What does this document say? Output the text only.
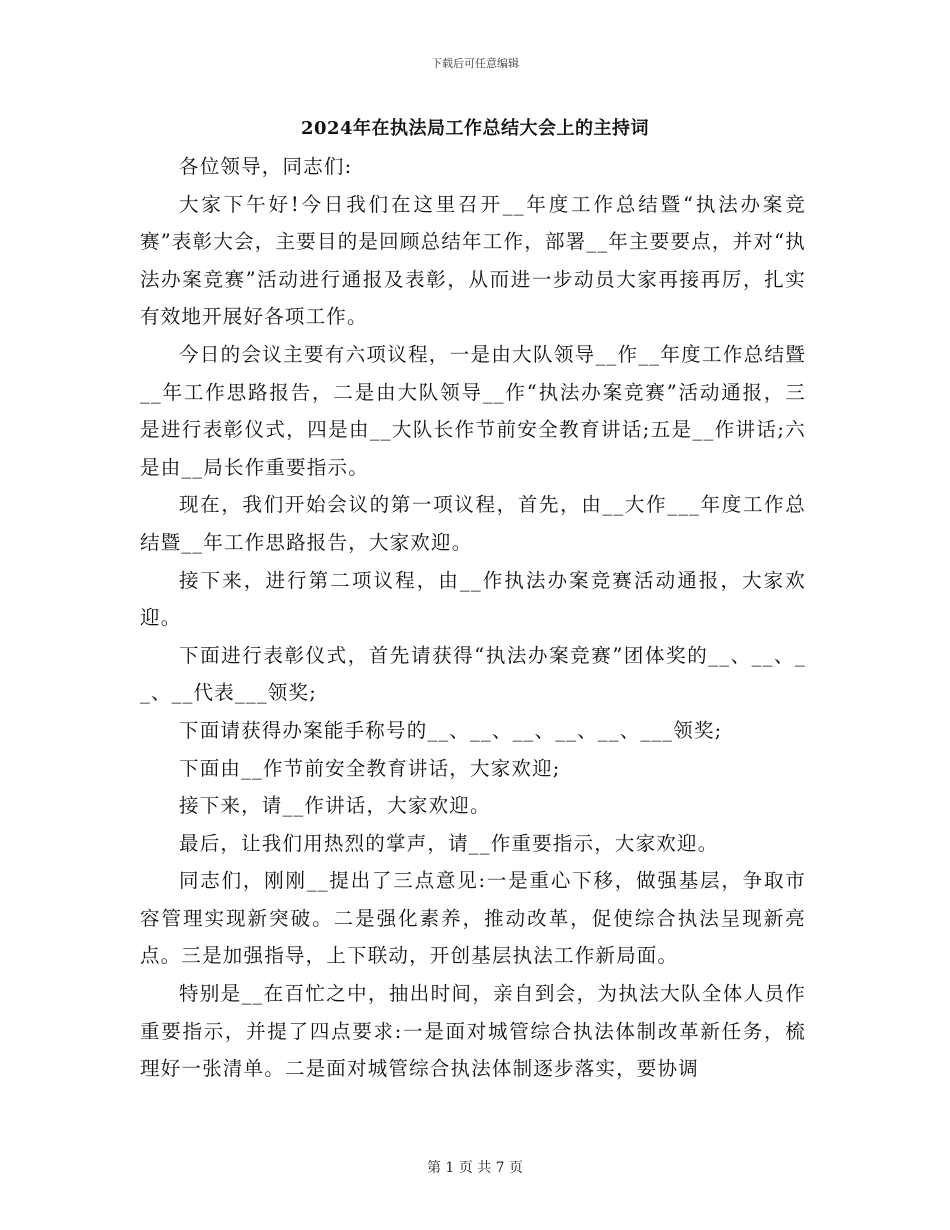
下载后可任意编辑
2024年在执法局工作总结大会上的主持词

各位领导，同志们:

大家下午好!今日我们在这里召开__年度工作总结暨“执法办案竞赛”表彰大会，主要目的是回顾总结年工作，部署__年主要要点，并对“执法办案竞赛”活动进行通报及表彰，从而进一步动员大家再接再厉，扎实有效地开展好各项工作。

今日的会议主要有六项议程，一是由大队领导__作__年度工作总结暨__年工作思路报告，二是由大队领导__作“执法办案竞赛”活动通报，三是进行表彰仪式，四是由__大队长作节前安全教育讲话;五是__作讲话;六是由__局长作重要指示。

现在，我们开始会议的第一项议程，首先，由__大作___年度工作总结暨__年工作思路报告，大家欢迎。

接下来，进行第二项议程，由__作执法办案竞赛活动通报，大家欢迎。

下面进行表彰仪式，首先请获得“执法办案竞赛”团体奖的__、__、__、__代表___领奖;

下面请获得办案能手称号的__、__、__、__、__、___领奖;

下面由__作节前安全教育讲话，大家欢迎;

接下来，请__作讲话，大家欢迎。

最后，让我们用热烈的掌声，请__作重要指示，大家欢迎。

同志们，刚刚__提出了三点意见:一是重心下移，做强基层，争取市容管理实现新突破。二是强化素养，推动改革，促使综合执法呈现新亮点。三是加强指导，上下联动，开创基层执法工作新局面。

特别是__在百忙之中，抽出时间，亲自到会，为执法大队全体人员作重要指示，并提了四点要求:一是面对城管综合执法体制改革新任务，梳理好一张清单。二是面对城管综合执法体制逐步落实，要协调

第 1 页 共 7 页
